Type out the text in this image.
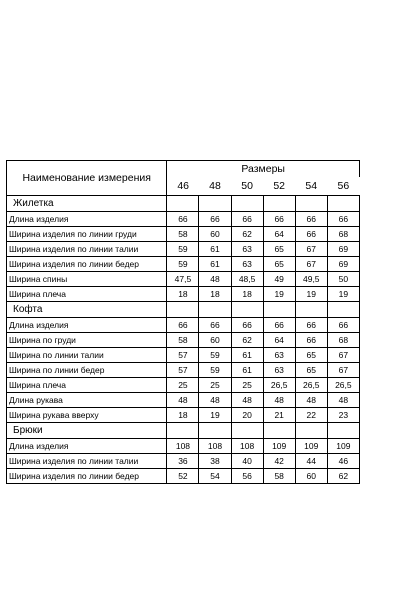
Наименование измерения	Размеры					
	46	48	50	52	54	56
Жилетка						
Длина изделия	66	66	66	66	66	66
Ширина изделия по линии груди	58	60	62	64	66	68
Ширина изделия по линии талии	59	61	63	65	67	69
Ширина изделия по линии бедер	59	61	63	65	67	69
Ширина спины	47,5	48	48,5	49	49,5	50
Ширина плеча	18	18	18	19	19	19
Кофта						
Длина изделия	66	66	66	66	66	66
Ширина по груди	58	60	62	64	66	68
Ширина по линии талии	57	59	61	63	65	67
Ширина по линии бедер	57	59	61	63	65	67
Ширина плеча	25	25	25	26,5	26,5	26,5
Длина рукава	48	48	48	48	48	48
Ширина рукава вверху	18	19	20	21	22	23
Брюки						
Длина изделия	108	108	108	109	109	109
Ширина изделия по линии талии	36	38	40	42	44	46
Ширина изделия по линии бедер	52	54	56	58	60	62
